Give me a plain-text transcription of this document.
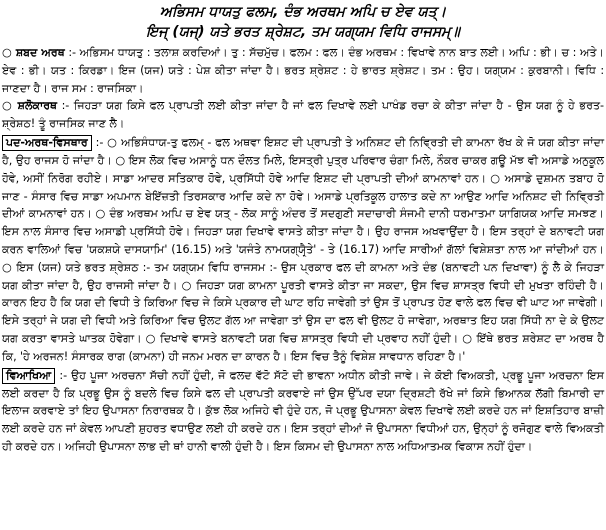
ਅਭਿਸਮ ਧਾਯਤੁ ਫਲਮ, ਦੰਭ ਅਰਥਮ ਅਪਿ ਚ ਏਵ ਯਤ੍।
ਇਜ੍ (ਯਜ੍) ਯਤੇ ਭਰਤ ਸ਼੍ਰੇਸ਼ਟ, ਤਮ ਯਗ੍ਯਮ ਵਿਧਿ ਰਾਜਸਮ੍॥
○ ਸ਼ਬਦ ਅਰਥ :- ਅਭਿਸਮ ਧਾਯਤੁ : ਤਲਾਸ਼ ਕਰਦਿਆਂ। ਤੁ : ਸੱਚਮੁੱਚ। ਫਲਮ : ਫਲ। ਦੰਭ ਅਰਥਮ : ਵਿਖਾਵੇ ਨਾਨ ਬਾਤ ਲਈ। ਅਪਿ : ਭੀ। ਚ : ਅਤੇ। ਏਵ : ਭੀ। ਯਤ : ਕਿਰਡਾ। ਇਜ (ਯਜ) ਯਤੇ : ਪੇਸ਼ ਕੀਤਾ ਜਾਂਦਾ ਹੈ। ਭਰਤ ਸ਼੍ਰੇਸ਼ਟ : ਹੇ ਭਾਰਤ ਸ਼੍ਰੇਸ਼ਟ। ਤਮ : ਉਹ। ਯਗ੍ਯਮ : ਕੁਰਬਾਨੀ। ਵਿਧਿ : ਜਾਣਦਾ ਹੈ। ਰਾਜ ਸਮ : ਰਾਜਸਿਕਾ।
○ ਸ਼ਲੋਕਾਰਥ :- ਜਿਹੜਾ ਯਗ ਕਿਸੇ ਫਲ ਪ੍ਰਾਪਤੀ ਲਈ ਕੀਤਾ ਜਾਂਦਾ ਹੈ ਜਾਂ ਫਲ ਦਿਖਾਵੇ ਲਈ ਪਾਖੰਡ ਰਚਾ ਕੇ ਕੀਤਾ ਜਾਂਦਾ ਹੈ - ਉਸ ਯਗ ਨੂੰ ਹੇ ਭਰਤ-ਸ਼੍ਰੇਸ਼ਠ! ਤੂੰ ਰਾਜਸਿਕ ਜਾਣ ਲੈ।
ਪਦ-ਅਰਥ-ਵਿਸਥਾਰ :- ○ ਅਭਿਸੰਧਾਯ-ਤੁ ਫਲਮ੍ - ਫਲ ਅਥਵਾ ਇਸ਼ਟ ਦੀ ਪ੍ਰਾਪਤੀ ਤੇ ਅਨਿਸ਼ਟ ਦੀ ਨਿਵ੍ਰਿਤੀ ਦੀ ਕਾਮਨਾ ਰੱਖ ਕੇ ਜੋ ਯਗ ਕੀਤਾ ਜਾਂਦਾ ਹੈ, ਉਹ ਰਾਜਸ ਹੋ ਜਾਂਦਾ ਹੈ। ○ ਇਸ ਲੋਕ ਵਿਚ ਅਸਾਨੂੰ ਧਨ ਦੌਲਤ ਮਿਲੇ, ਇਸਤ੍ਰੀ ਪੁਤ੍ਰ ਪਰਿਵਾਰ ਚੰਗਾ ਮਿਲੇ, ਨੌਕਰ ਚਾਕਰ ਗਊ ਮੱਝ ਵੀ ਅਸਾਡੇ ਅਨੁਕੂਲ ਹੋਵੇ, ਅਸੀਂ ਨਿਰੋਗ ਰਹੀਏ। ਸਾਡਾ ਆਦਰ ਸਤਿਕਾਰ ਹੋਵੇ, ਪ੍ਰਸਿੱਧੀ ਹੋਵੇ ਆਦਿ ਇਸ਼ਟ ਦੀ ਪ੍ਰਾਪਤੀ ਦੀਆਂ ਕਾਮਨਾਵਾਂ ਹਨ। ○ ਅਸਾਡੇ ਦੁਸ਼ਮਨ ਤਬਾਹ ਹੋ ਜਾਣ - ਸੰਸਾਰ ਵਿਚ ਸਾਡਾ ਅਪਮਾਨ ਬੇਇੱਜ਼ਤੀ ਤਿਰਸਕਾਰ ਆਦਿ ਕਦੇ ਨਾ ਹੋਵੇ। ਅਸਾਡੇ ਪ੍ਰਤਿਕੂਲ ਹਾਲਾਤ ਕਦੇ ਨਾ ਆਉਣ ਆਦਿ ਅਨਿਸ਼ਟ ਦੀ ਨਿਵ੍ਰਿਤੀ ਦੀਆਂ ਕਾਮਨਾਵਾਂ ਹਨ। ○ ਦੰਭ ਅਰਥਮ ਅਪਿ ਚ ਏਵ ਯਤ੍ - ਲੋਕ ਸਾਨੂੰ ਅੰਦਰ ਤੋਂ ਸਦਗੁਣੀ ਸਦਾਚਾਰੀ ਸੰਜਮੀ ਦਾਨੀ ਧਰਮਾਤਮਾ ਯਾਗਿਯਕ ਆਦਿ ਸਮਝਣ। ਇਸ ਨਾਲ ਸੰਸਾਰ ਵਿਚ ਅਸਾਡੀ ਪ੍ਰਸਿੱਧੀ ਹੋਵੇ। ਜਿਹੜਾ ਯਗ ਦਿਖਾਵੇ ਵਾਸਤੇ ਕੀਤਾ ਜਾਂਦਾ ਹੈ। ਉਹ ਰਾਜਸ ਅਖਵਾਉਂਦਾ ਹੈ। ਇਸ ਤਰ੍ਹਾਂ ਦੇ ਬਨਾਵਟੀ ਯਗ ਕਰਨ ਵਾਲਿਆਂ ਵਿਚ 'ਯਕਸ਼ਯੇ ਦਾਸਯਾਮਿ' (16.15) ਅਤੇ 'ਯਜੰਤੇ ਨਾਮਯਗ੍ਯੈਰ੍ਤੇ' - ਤੇ (16.17) ਆਦਿ ਸਾਰੀਆਂ ਗੱਲਾਂ ਵਿਸ਼ੇਸ਼ਤਾ ਨਾਲ ਆ ਜਾਂਦੀਆਂ ਹਨ। ○ ਇਸ (ਯਜ) ਯਤੇ ਭਰਤ ਸ਼੍ਰੇਸ਼ਠ :- ਤਮ ਯਗ੍ਯਮ ਵਿਧਿ ਰਾਜਸਮ :- ਉਸ ਪ੍ਰਕਾਰ ਫਲ ਦੀ ਕਾਮਨਾ ਅਤੇ ਦੰਭ (ਬਨਾਵਟੀ ਪਨ ਦਿਖਾਵਾ) ਨੂੰ ਲੈ ਕੇ ਜਿਹੜਾ ਯਗ ਕੀਤਾ ਜਾਂਦਾ ਹੈ, ਉਹ ਰਾਜਸੀ ਜਾਂਦਾ ਹੈ। ○ ਜਿਹੜਾ ਯਗ ਕਾਮਨਾ ਪੂਰਤੀ ਵਾਸਤੇ ਕੀਤਾ ਜਾ ਸਕਦਾ, ਉਸ ਵਿਚ ਸ਼ਾਸਤ੍ਰ ਵਿਧੀ ਦੀ ਮੁਖਤਾ ਰਹਿੰਦੀ ਹੈ। ਕਾਰਨ ਇਹ ਹੈ ਕਿ ਯਗ ਦੀ ਵਿਧੀ ਤੇ ਕਿਰਿਆ ਵਿਚ ਜੇ ਕਿਸੇ ਪ੍ਰਕਾਰ ਦੀ ਘਾਟ ਰਹਿ ਜਾਵੇਗੀ ਤਾਂ ਉਸ ਤੋਂ ਪ੍ਰਾਪਤ ਹੋਣ ਵਾਲੇ ਫਲ ਵਿਚ ਵੀ ਘਾਟ ਆ ਜਾਵੇਗੀ। ਇਸੇ ਤਰ੍ਹਾਂ ਜੇ ਯਗ ਦੀ ਵਿਧੀ ਅਤੇ ਕਿਰਿਆ ਵਿਚ ਉਲਟ ਗੱਲ ਆ ਜਾਵੇਗਾ ਤਾਂ ਉਸ ਦਾ ਫਲ ਵੀ ਉਲਟ ਹੋ ਜਾਵੇਗਾ, ਅਰਥਾਤ ਇਹ ਯਗ ਸਿੱਧੀ ਨਾ ਦੇ ਕੇ ਉਲਟ ਯਗ ਕਰਤਾ ਵਾਸਤੇ ਘਾਤਕ ਹੋਵੇਗਾ। ○ ਦਿਖਾਵੇ ਵਾਸਤੇ ਬਨਾਵਟੀ ਯਗ ਵਿਚ ਸ਼ਾਸਤ੍ਰ ਵਿਧੀ ਦੀ ਪ੍ਰਵਾਹ ਨਹੀਂ ਹੁੰਦੀ। ○ ਇੱਥੇ ਭਰਤ ਸ਼ਰੇਸ਼ਟ ਦਾ ਅਰਥ ਹੈ ਕਿ, 'ਹੇ ਅਰਜਨ! ਸੰਸਾਰਕ ਰਾਗ (ਕਾਮਨਾ) ਹੀ ਜਨਮ ਮਰਨ ਦਾ ਕਾਰਨ ਹੈ। ਇਸ ਵਿਚ ਤੈਨੂੰ ਵਿਸ਼ੇਸ਼ ਸਾਵਧਾਨ ਰਹਿਣਾ ਹੈ।'
ਵਿਆਖਿਆ :- ਉਹ ਪੂਜਾ ਅਰਚਨਾ ਸੱਚੀ ਨਹੀਂ ਹੁੰਦੀ, ਜੋ ਫਲਦ ਵੱਟੋ ਸੱਟੋ ਦੀ ਭਾਵਨਾ ਅਧੀਨ ਕੀਤੀ ਜਾਵੇ। ਜੇ ਕੋਈ ਵਿਅਕਤੀ, ਪ੍ਰਭੂ ਪੂਜਾ ਅਰਚਨਾ ਇਸ ਲਈ ਕਰਦਾ ਹੈ ਕਿ ਪ੍ਰਭੂ ਉਸ ਨੂੰ ਬਦਲੇ ਵਿਚ ਕਿਸੇ ਫਲ ਦੀ ਪ੍ਰਾਪਤੀ ਕਰਵਾਏ ਜਾਂ ਉਸ ਉੱਪਰ ਦਯਾ ਦ੍ਰਿਸ਼ਟੀ ਰੱਖੇ ਜਾਂ ਕਿਸੇ ਭਿਆਨਕ ਲੱਗੀ ਬਿਮਾਰੀ ਦਾ ਇਲਾਜ ਕਰਵਾਏ ਤਾਂ ਇਹ ਉਪਾਸਨਾ ਨਿਰਾਰਥਕ ਹੈ। ਕੁੱਝ ਲੋਕ ਅਜਿਹੇ ਵੀ ਹੁੰਦੇ ਹਨ, ਜੋ ਪ੍ਰਭੂ ਉਪਾਸਨਾ ਕੇਵਲ ਦਿਖਾਵੇ ਲਈ ਕਰਦੇ ਹਨ ਜਾਂ ਇਸ਼ਤਿਹਾਰ ਬਾਜ਼ੀ ਲਈ ਕਰਦੇ ਹਨ ਜਾਂ ਕੇਵਲ ਆਪਣੀ ਸ਼ੁਹਰਤ ਵਧਾਉਣ ਲਈ ਹੀ ਕਰਦੇ ਹਨ। ਇਸ ਤਰ੍ਹਾਂ ਦੀਆਂ ਜੋ ਉਪਾਸਨਾ ਵਿਧੀਆਂ ਹਨ, ਉਨ੍ਹਾਂ ਨੂੰ ਰਜੋਗੁਣ ਵਾਲੇ ਵਿਅਕਤੀ ਹੀ ਕਰਦੇ ਹਨ। ਅਜਿਹੀ ਉਪਾਸਨਾ ਲਾਭ ਦੀ ਥਾਂ ਹਾਨੀ ਵਾਲੀ ਹੁੰਦੀ ਹੈ। ਇਸ ਕਿਸਮ ਦੀ ਉਪਾਸਨਾ ਨਾਲ ਅਧਿਆਤਮਕ ਵਿਕਾਸ ਨਹੀਂ ਹੁੰਦਾ।
